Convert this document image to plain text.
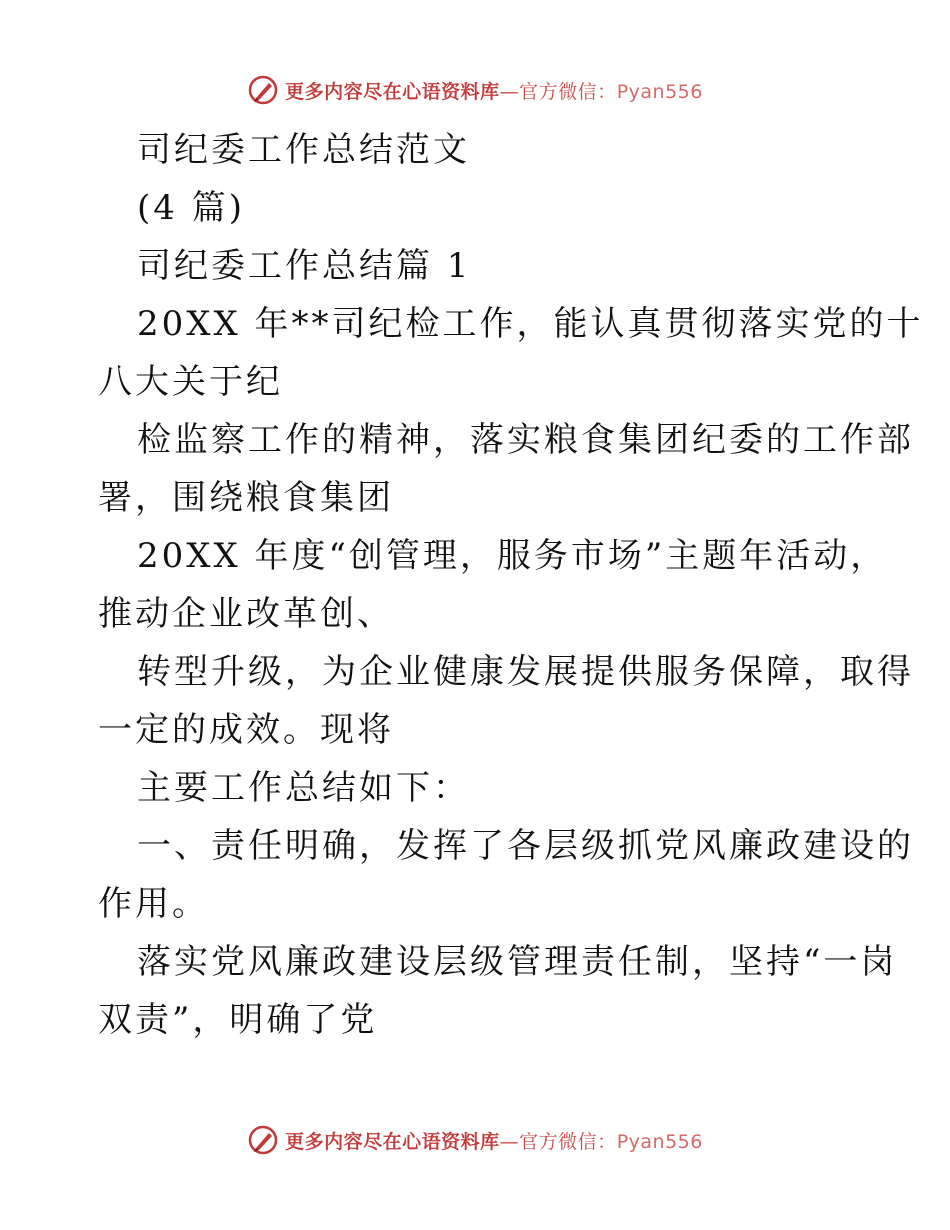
更多内容尽在心语资料库—官方微信：Pyan556
司纪委工作总结范文
(4 篇)
司纪委工作总结篇 1
20XX 年**司纪检工作，能认真贯彻落实党的十
八大关于纪
检监察工作的精神，落实粮食集团纪委的工作部
署，围绕粮食集团
20XX 年度“创管理，服务市场”主题年活动，
推动企业改革创、
转型升级，为企业健康发展提供服务保障，取得
一定的成效。现将
主要工作总结如下：
一、责任明确，发挥了各层级抓党风廉政建设的
作用。
落实党风廉政建设层级管理责任制，坚持“一岗
双责”，明确了党
更多内容尽在心语资料库—官方微信：Pyan556
